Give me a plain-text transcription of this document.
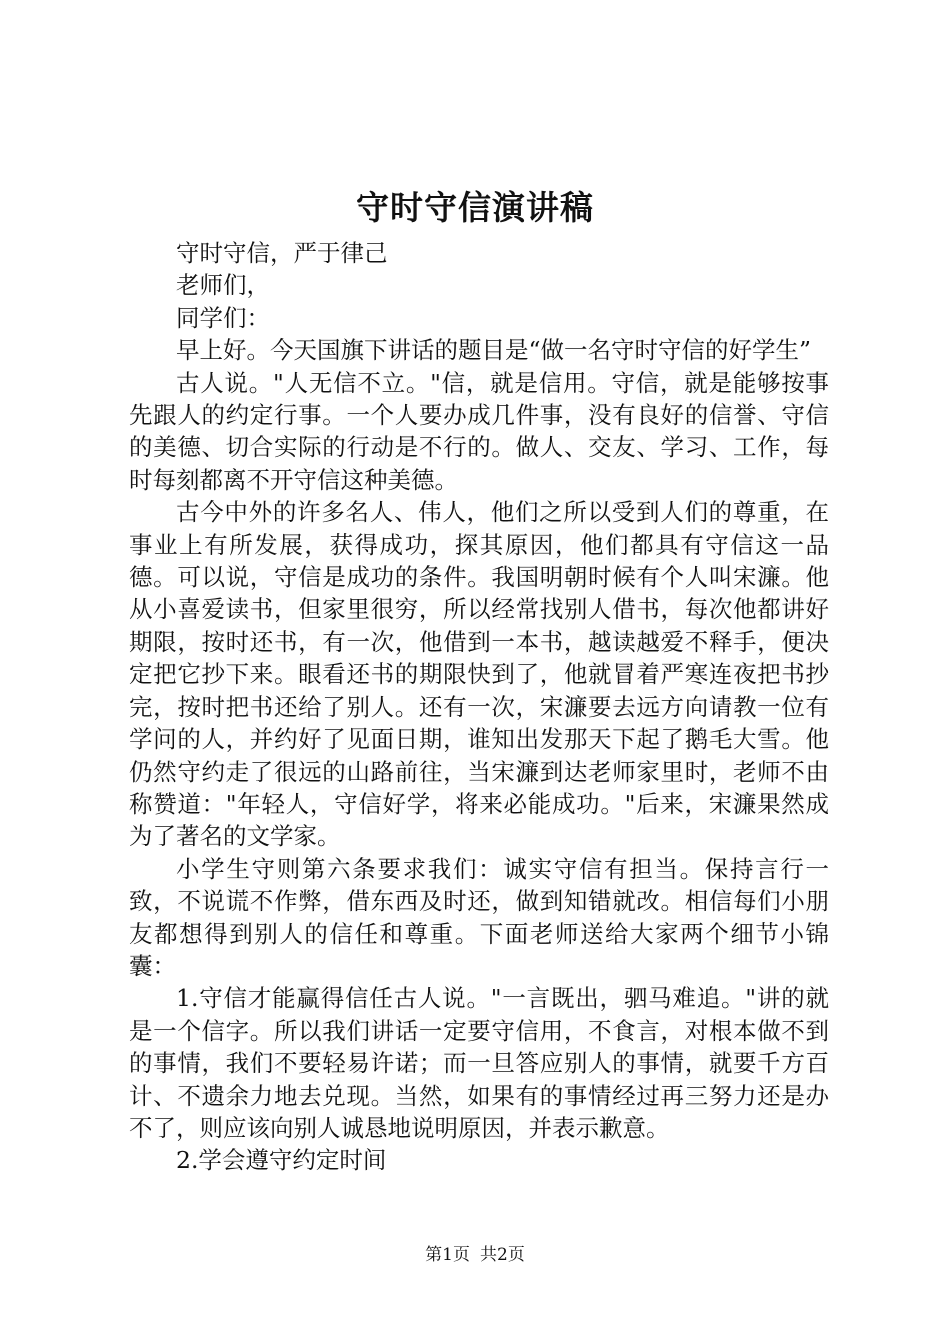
守时守信演讲稿

守时守信，严于律己

老师们，

同学们：

早上好。今天国旗下讲话的题目是“做一名守时守信的好学生”

古人说。"人无信不立。"信，就是信用。守信，就是能够按事先跟人的约定行事。一个人要办成几件事，没有良好的信誉、守信的美德、切合实际的行动是不行的。做人、交友、学习、工作，每时每刻都离不开守信这种美德。

古今中外的许多名人、伟人，他们之所以受到人们的尊重，在事业上有所发展，获得成功，探其原因，他们都具有守信这一品德。可以说，守信是成功的条件。我国明朝时候有个人叫宋濂。他从小喜爱读书，但家里很穷，所以经常找别人借书，每次他都讲好期限，按时还书，有一次，他借到一本书，越读越爱不释手，便决定把它抄下来。眼看还书的期限快到了，他就冒着严寒连夜把书抄完，按时把书还给了别人。还有一次，宋濂要去远方向请教一位有学问的人，并约好了见面日期，谁知出发那天下起了鹅毛大雪。他仍然守约走了很远的山路前往，当宋濂到达老师家里时，老师不由称赞道："年轻人，守信好学，将来必能成功。"后来，宋濂果然成为了著名的文学家。

小学生守则第六条要求我们：诚实守信有担当。保持言行一致，不说谎不作弊，借东西及时还，做到知错就改。相信每们小朋友都想得到别人的信任和尊重。下面老师送给大家两个细节小锦囊：

1.守信才能赢得信任古人说。"一言既出，驷马难追。"讲的就是一个信字。所以我们讲话一定要守信用，不食言，对根本做不到的事情，我们不要轻易许诺；而一旦答应别人的事情，就要千方百计、不遗余力地去兑现。当然，如果有的事情经过再三努力还是办不了，则应该向别人诚恳地说明原因，并表示歉意。

2.学会遵守约定时间

第1页 共2页
